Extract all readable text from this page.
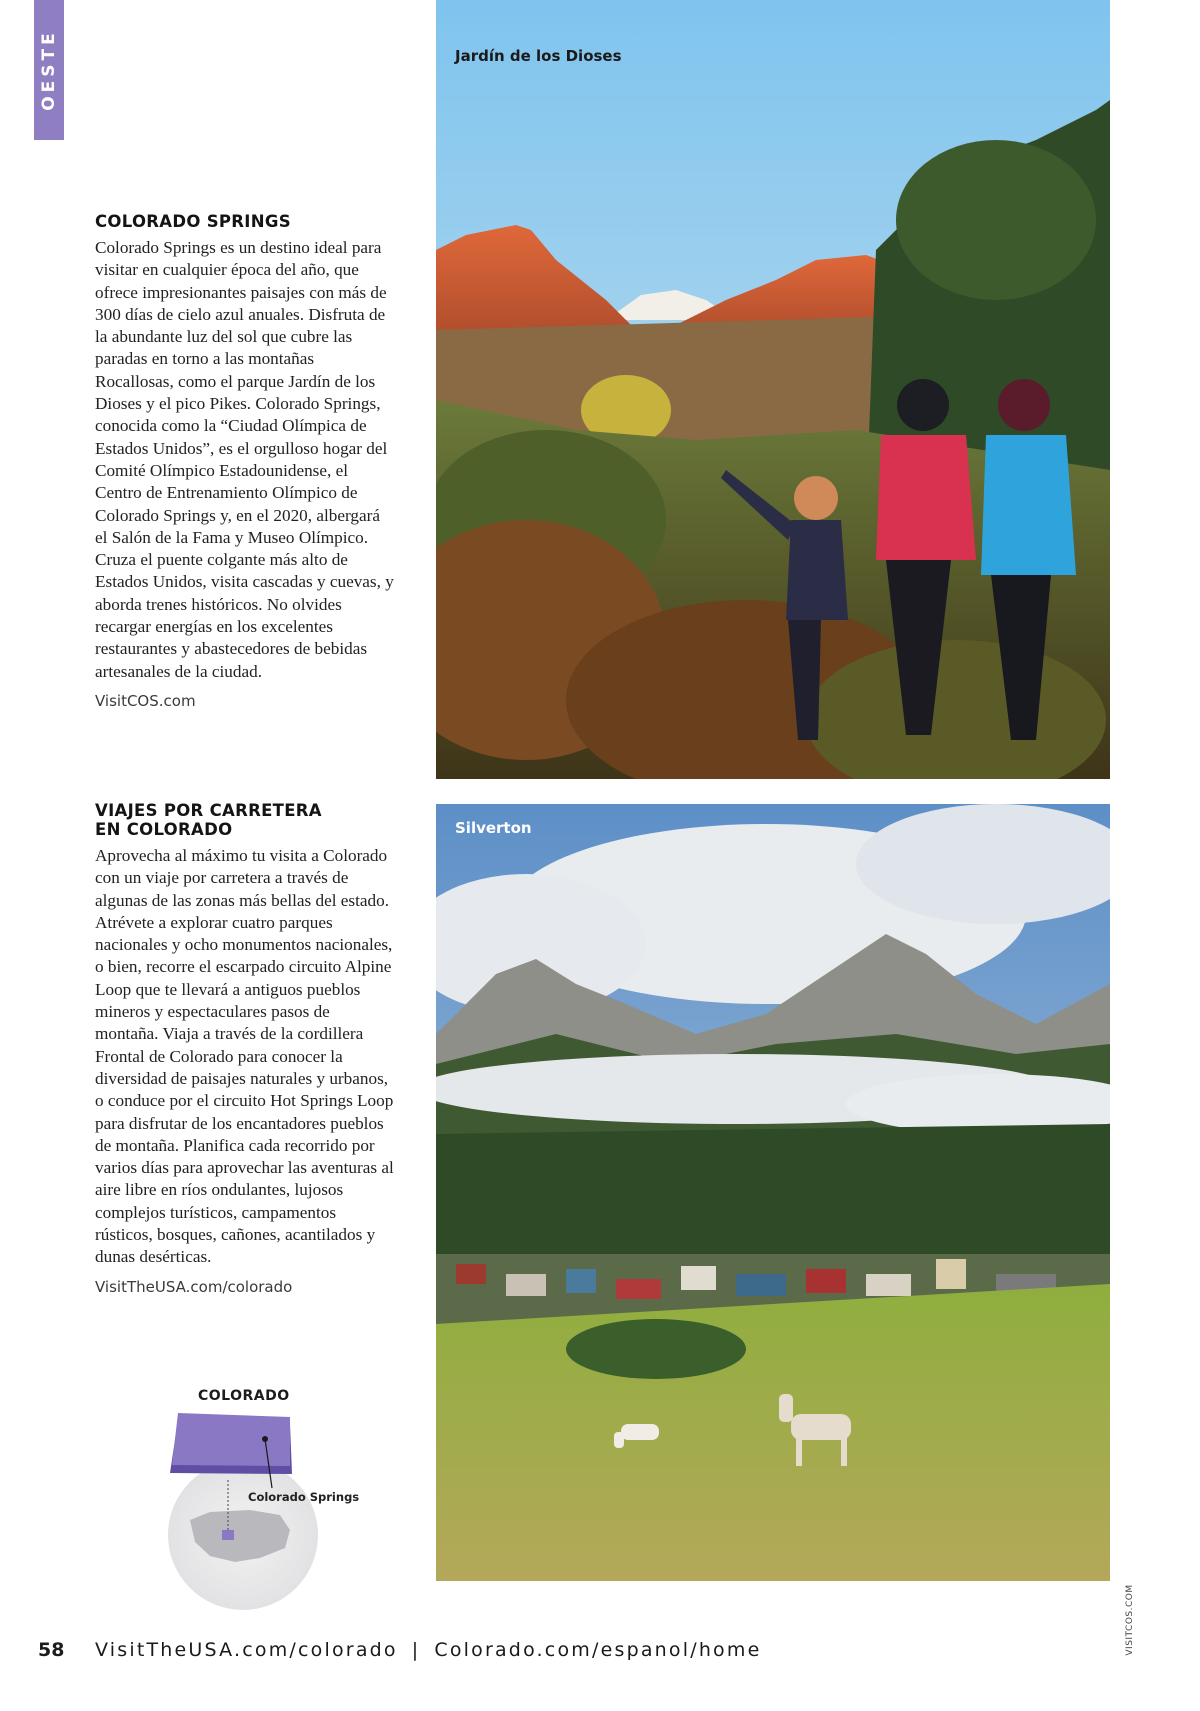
OESTE
COLORADO SPRINGS

Colorado Springs es un destino ideal para visitar en cualquier época del año, que ofrece impresionantes paisajes con más de 300 días de cielo azul anuales. Disfruta de la abundante luz del sol que cubre las paradas en torno a las montañas Rocallosas, como el parque Jardín de los Dioses y el pico Pikes. Colorado Springs, conocida como la “Ciudad Olímpica de Estados Unidos”, es el orgulloso hogar del Comité Olímpico Estadounidense, el Centro de Entrenamiento Olímpico de Colorado Springs y, en el 2020, albergará el Salón de la Fama y Museo Olímpico. Cruza el puente colgante más alto de Estados Unidos, visita cascadas y cuevas, y aborda trenes históricos. No olvides recargar energías en los excelentes restaurantes y abastecedores de bebidas artesanales de la ciudad.

VisitCOS.com
VIAJES POR CARRETERA
EN COLORADO

Aprovecha al máximo tu visita a Colorado con un viaje por carretera a través de algunas de las zonas más bellas del estado. Atrévete a explorar cuatro parques nacionales y ocho monumentos nacionales, o bien, recorre el escarpado circuito Alpine Loop que te llevará a antiguos pueblos mineros y espectaculares pasos de montaña. Viaja a través de la cordillera Frontal de Colorado para conocer la diversidad de paisajes naturales y urbanos, o conduce por el circuito Hot Springs Loop para disfrutar de los encantadores pueblos de montaña. Planifica cada recorrido por varios días para aprovechar las aventuras al aire libre en ríos ondulantes, lujosos complejos turísticos, campamentos rústicos, bosques, cañones, acantilados y dunas desérticas.

VisitTheUSA.com/colorado
Jardín de los Dioses
Silverton
VISITCOS.COM
COLORADO
Colorado Springs
58 VisitTheUSA.com/colorado | Colorado.com/espanol/home
